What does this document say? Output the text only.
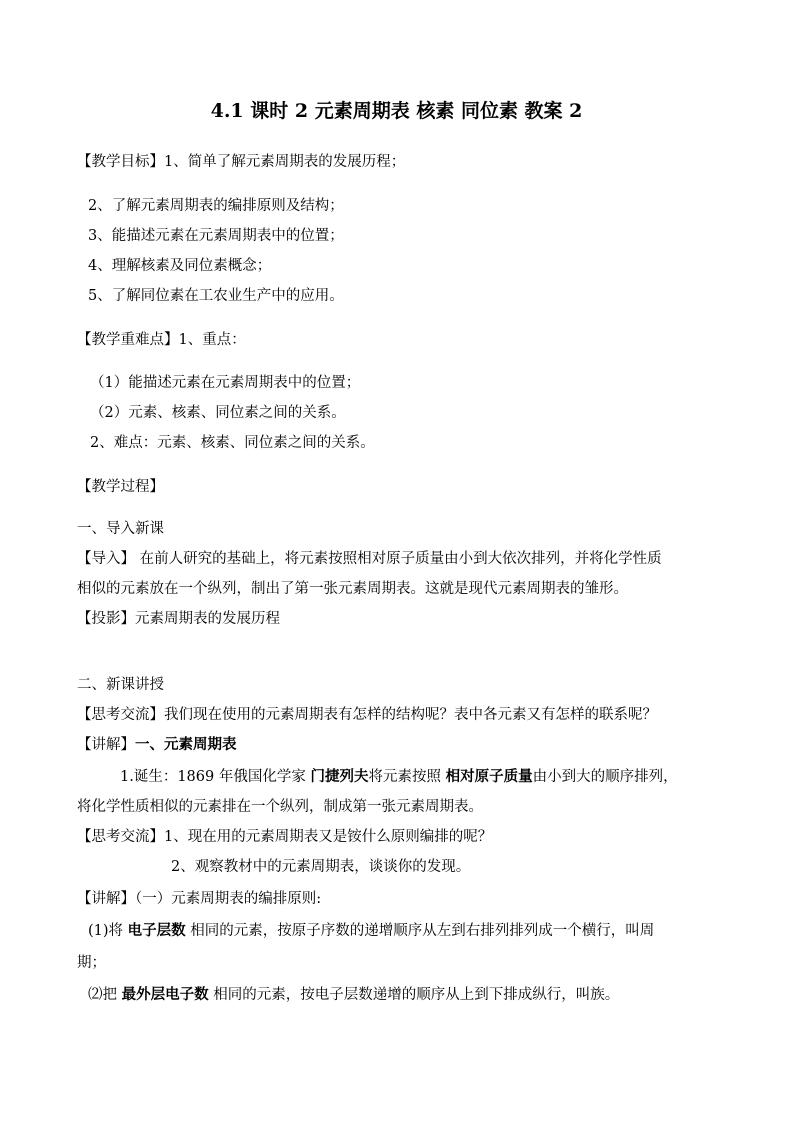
4.1 课时 2 元素周期表 核素 同位素 教案 2
【教学目标】1、简单了解元素周期表的发展历程；
2、了解元素周期表的编排原则及结构；
3、能描述元素在元素周期表中的位置；
4、理解核素及同位素概念；
5、了解同位素在工农业生产中的应用。
【教学重难点】1、重点：
（1）能描述元素在元素周期表中的位置；
（2）元素、核素、同位素之间的关系。
2、难点：元素、核素、同位素之间的关系。
【教学过程】
一、导入新课
【导入】 在前人研究的基础上，将元素按照相对原子质量由小到大依次排列，并将化学性质
相似的元素放在一个纵列，制出了第一张元素周期表。这就是现代元素周期表的雏形。
【投影】元素周期表的发展历程
二、新课讲授
【思考交流】我们现在使用的元素周期表有怎样的结构呢？表中各元素又有怎样的联系呢？
【讲解】一、元素周期表
1.诞生：1869 年俄国化学家 门捷列夫将元素按照 相对原子质量由小到大的顺序排列，
将化学性质相似的元素排在一个纵列，制成第一张元素周期表。
【思考交流】1、现在用的元素周期表又是铵什么原则编排的呢？
2、观察教材中的元素周期表，谈谈你的发现。
【讲解】（一）元素周期表的编排原则:
(1)将 电子层数 相同的元素，按原子序数的递增顺序从左到右排列排列成一个横行，叫周
期；
⑵把 最外层电子数 相同的元素，按电子层数递增的顺序从上到下排成纵行，叫族。
